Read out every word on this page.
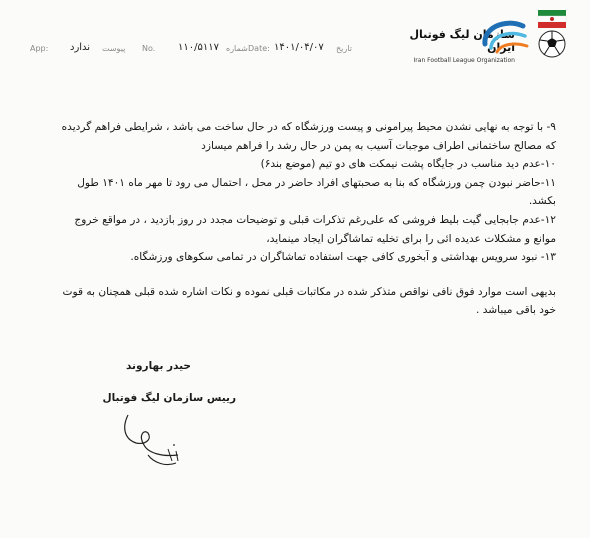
App:	پیوست
ندارد	No. ۱۱۰/۵۱۱۷ شماره Date: ۱۴۰۱/۰۴/۰۷ تاریخ
سازمان لیگ فوتبال ایران
Iran Football League Organization

۹- با توجه به نهایی نشدن محیط پیرامونی و پیست ورزشگاه که در حال ساخت می باشد ، شرایطی فراهم گردیده که مصالح ساختمانی اطراف موجبات آسیب به پمن در حال رشد را فراهم میسازد

۱۰-عدم دید مناسب در جایگاه پشت نیمکت های دو تیم (موضع بند۶)

۱۱-حاضر نبودن چمن ورزشگاه که بنا به صحبتهای افراد حاضر در محل ، احتمال می رود تا مهر ماه ۱۴۰۱ طول بکشد.

۱۲-عدم جابجایی گیت بلیط فروشی که علی‌رغم تذکرات قبلی و توضیحات مجدد در روز بازدید ، در مواقع خروج موانع و مشکلات عدیده ائی را برای تخلیه تماشاگران ایجاد مینماید،

۱۳- نبود سرویس بهداشتی و آبخوری کافی جهت استفاده تماشاگران در تمامی سکوهای ورزشگاه.

بدیهی است موارد فوق نافی نواقص متذکر شده در مکاتبات قبلی نموده و نکات اشاره شده قبلی همچنان به قوت خود باقی میباشد .

حیدر بهاروند
رییس سازمان لیگ فوتبال
